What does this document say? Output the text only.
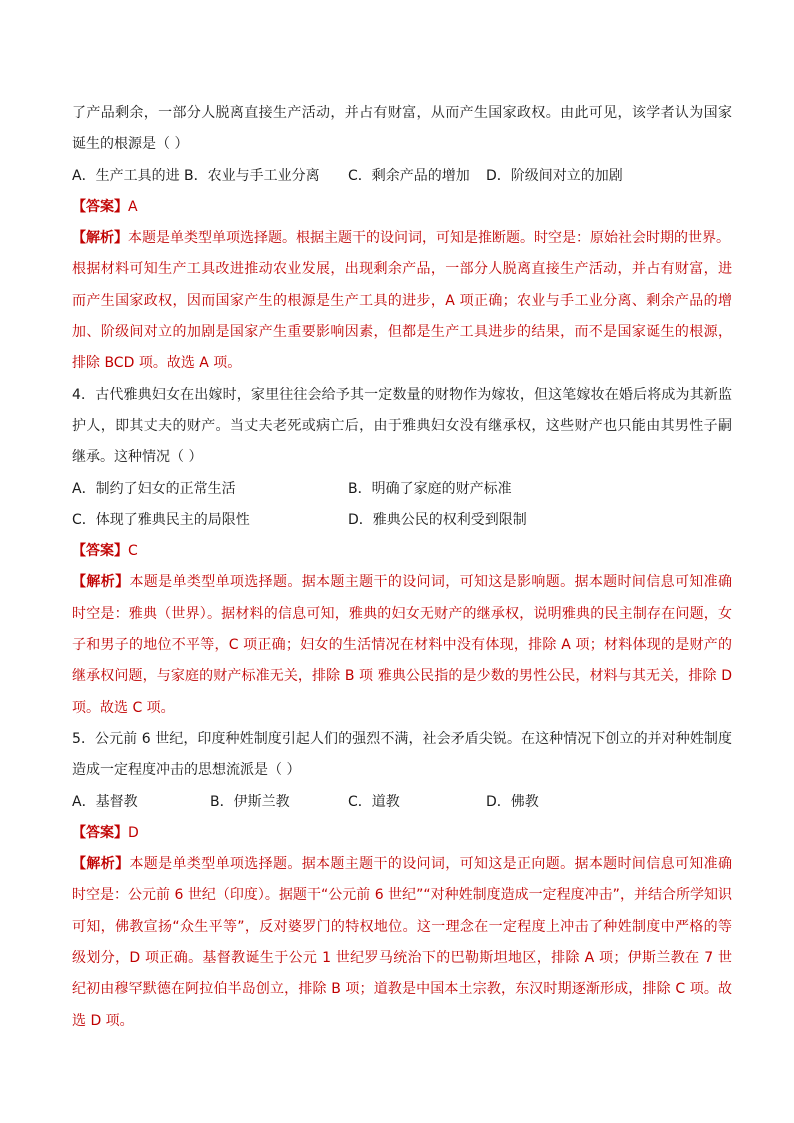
了产品剩余，一部分人脱离直接生产活动，并占有财富，从而产生国家政权。由此可见，该学者认为国家
诞生的根源是（ ）
A．生产工具的进 B．农业与手工业分离 C．剩余产品的增加 D．阶级间对立的加剧
【答案】A
【解析】本题是单类型单项选择题。根据主题干的设问词，可知是推断题。时空是：原始社会时期的世界。
根据材料可知生产工具改进推动农业发展，出现剩余产品，一部分人脱离直接生产活动，并占有财富，进
而产生国家政权，因而国家产生的根源是生产工具的进步，A 项正确；农业与手工业分离、剩余产品的增
加、阶级间对立的加剧是国家产生重要影响因素，但都是生产工具进步的结果，而不是国家诞生的根源，
排除 BCD 项。故选 A 项。
4．古代雅典妇女在出嫁时，家里往往会给予其一定数量的财物作为嫁妆，但这笔嫁妆在婚后将成为其新监
护人，即其丈夫的财产。当丈夫老死或病亡后，由于雅典妇女没有继承权，这些财产也只能由其男性子嗣
继承。这种情况（ ）
A．制约了妇女的正常生活	B．明确了家庭的财产标准
C．体现了雅典民主的局限性	D．雅典公民的权利受到限制
【答案】C
【解析】本题是单类型单项选择题。据本题主题干的设问词，可知这是影响题。据本题时间信息可知准确
时空是：雅典（世界）。据材料的信息可知，雅典的妇女无财产的继承权，说明雅典的民主制存在问题，女
子和男子的地位不平等，C 项正确；妇女的生活情况在材料中没有体现，排除 A 项；材料体现的是财产的
继承权问题，与家庭的财产标准无关，排除 B 项 雅典公民指的是少数的男性公民，材料与其无关，排除 D
项。故选 C 项。
5．公元前 6 世纪，印度种姓制度引起人们的强烈不满，社会矛盾尖锐。在这种情况下创立的并对种姓制度
造成一定程度冲击的思想流派是（ ）
A．基督教	B．伊斯兰教	C．道教	D．佛教
【答案】D
【解析】本题是单类型单项选择题。据本题主题干的设问词，可知这是正向题。据本题时间信息可知准确
时空是：公元前 6 世纪（印度）。据题干“公元前 6 世纪”“对种姓制度造成一定程度冲击”，并结合所学知识
可知，佛教宣扬“众生平等”，反对婆罗门的特权地位。这一理念在一定程度上冲击了种姓制度中严格的等
级划分，D 项正确。基督教诞生于公元 1 世纪罗马统治下的巴勒斯坦地区，排除 A 项；伊斯兰教在 7 世
纪初由穆罕默德在阿拉伯半岛创立，排除 B 项；道教是中国本土宗教，东汉时期逐渐形成，排除 C 项。故
选 D 项。
